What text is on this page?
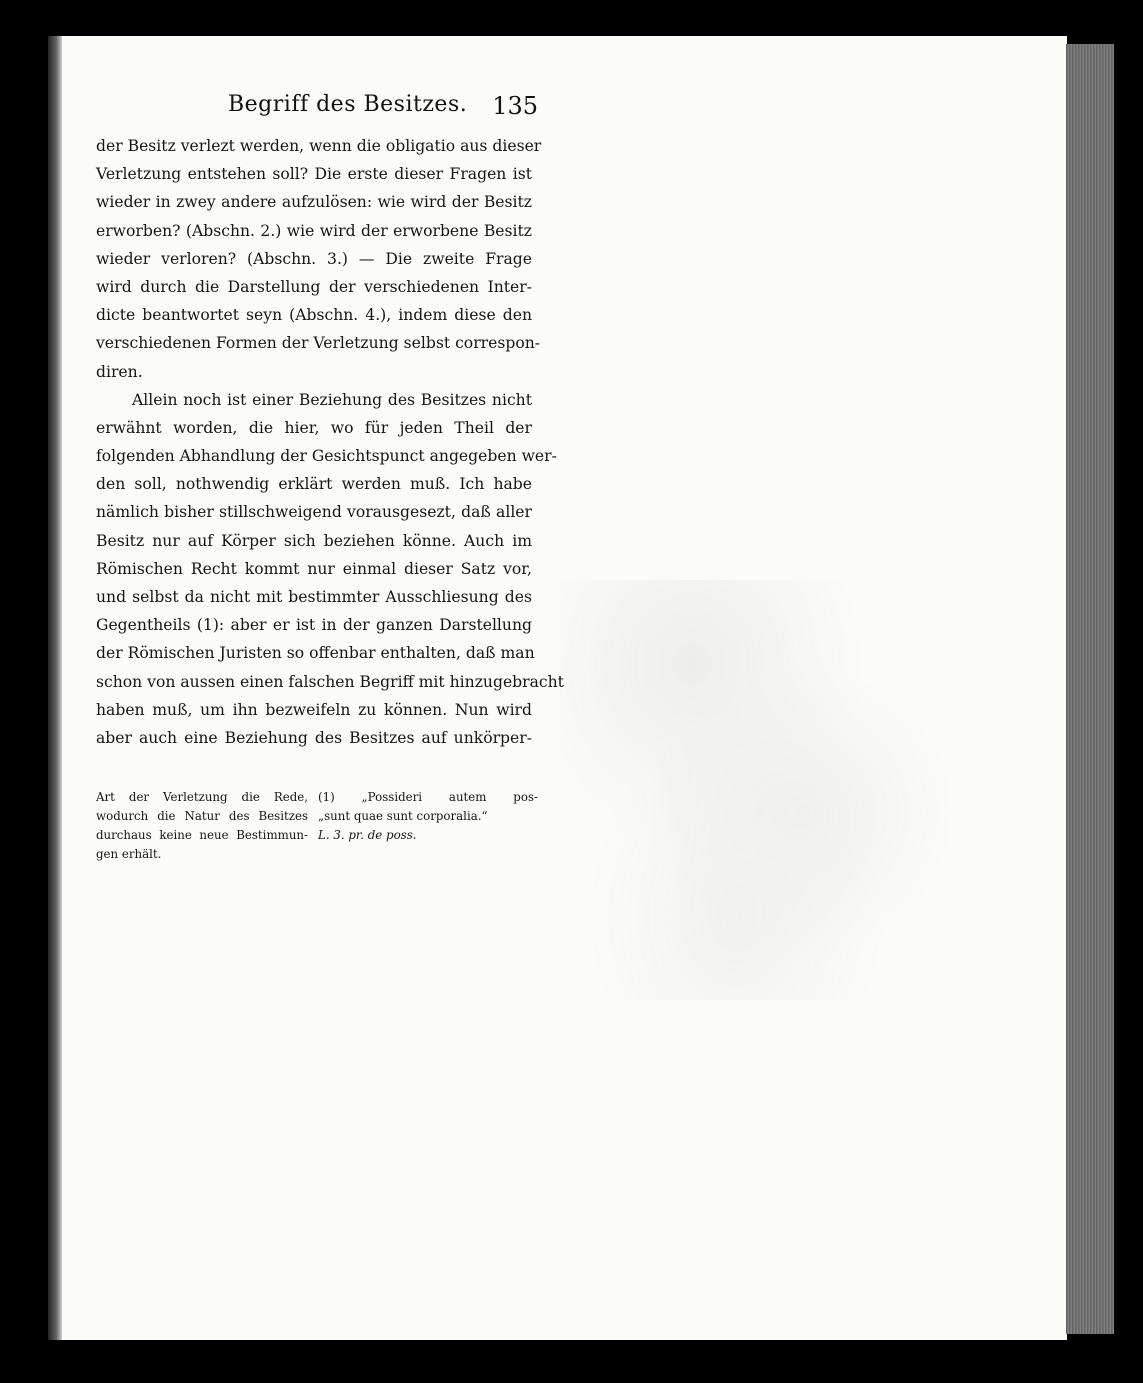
Begriff des Besitzes. 135
der Besitz verlezt werden, wenn die obligatio aus dieser
Verletzung entstehen soll? Die erste dieser Fragen ist
wieder in zwey andere aufzulösen: wie wird der Besitz
erworben? (Abschn. 2.) wie wird der erworbene Besitz
wieder verloren? (Abschn. 3.) — Die zweite Frage
wird durch die Darstellung der verschiedenen Inter-
dicte beantwortet seyn (Abschn. 4.), indem diese den
verschiedenen Formen der Verletzung selbst correspon-
diren.
Allein noch ist einer Beziehung des Besitzes nicht
erwähnt worden, die hier, wo für jeden Theil der
folgenden Abhandlung der Gesichtspunct angegeben wer-
den soll, nothwendig erklärt werden muß. Ich habe
nämlich bisher stillschweigend vorausgesezt, daß aller
Besitz nur auf Körper sich beziehen könne. Auch im
Römischen Recht kommt nur einmal dieser Satz vor,
und selbst da nicht mit bestimmter Ausschliesung des
Gegentheils (1): aber er ist in der ganzen Darstellung
der Römischen Juristen so offenbar enthalten, daß man
schon von aussen einen falschen Begriff mit hinzugebracht
haben muß, um ihn bezweifeln zu können. Nun wird
aber auch eine Beziehung des Besitzes auf unkörper-
Art der Verletzung die Rede,
wodurch die Natur des Besitzes
durchaus keine neue Bestimmun-
gen erhält.
(1) „Possideri autem pos-
„sunt quae sunt corporalia.“
L. 3. pr. de poss.
